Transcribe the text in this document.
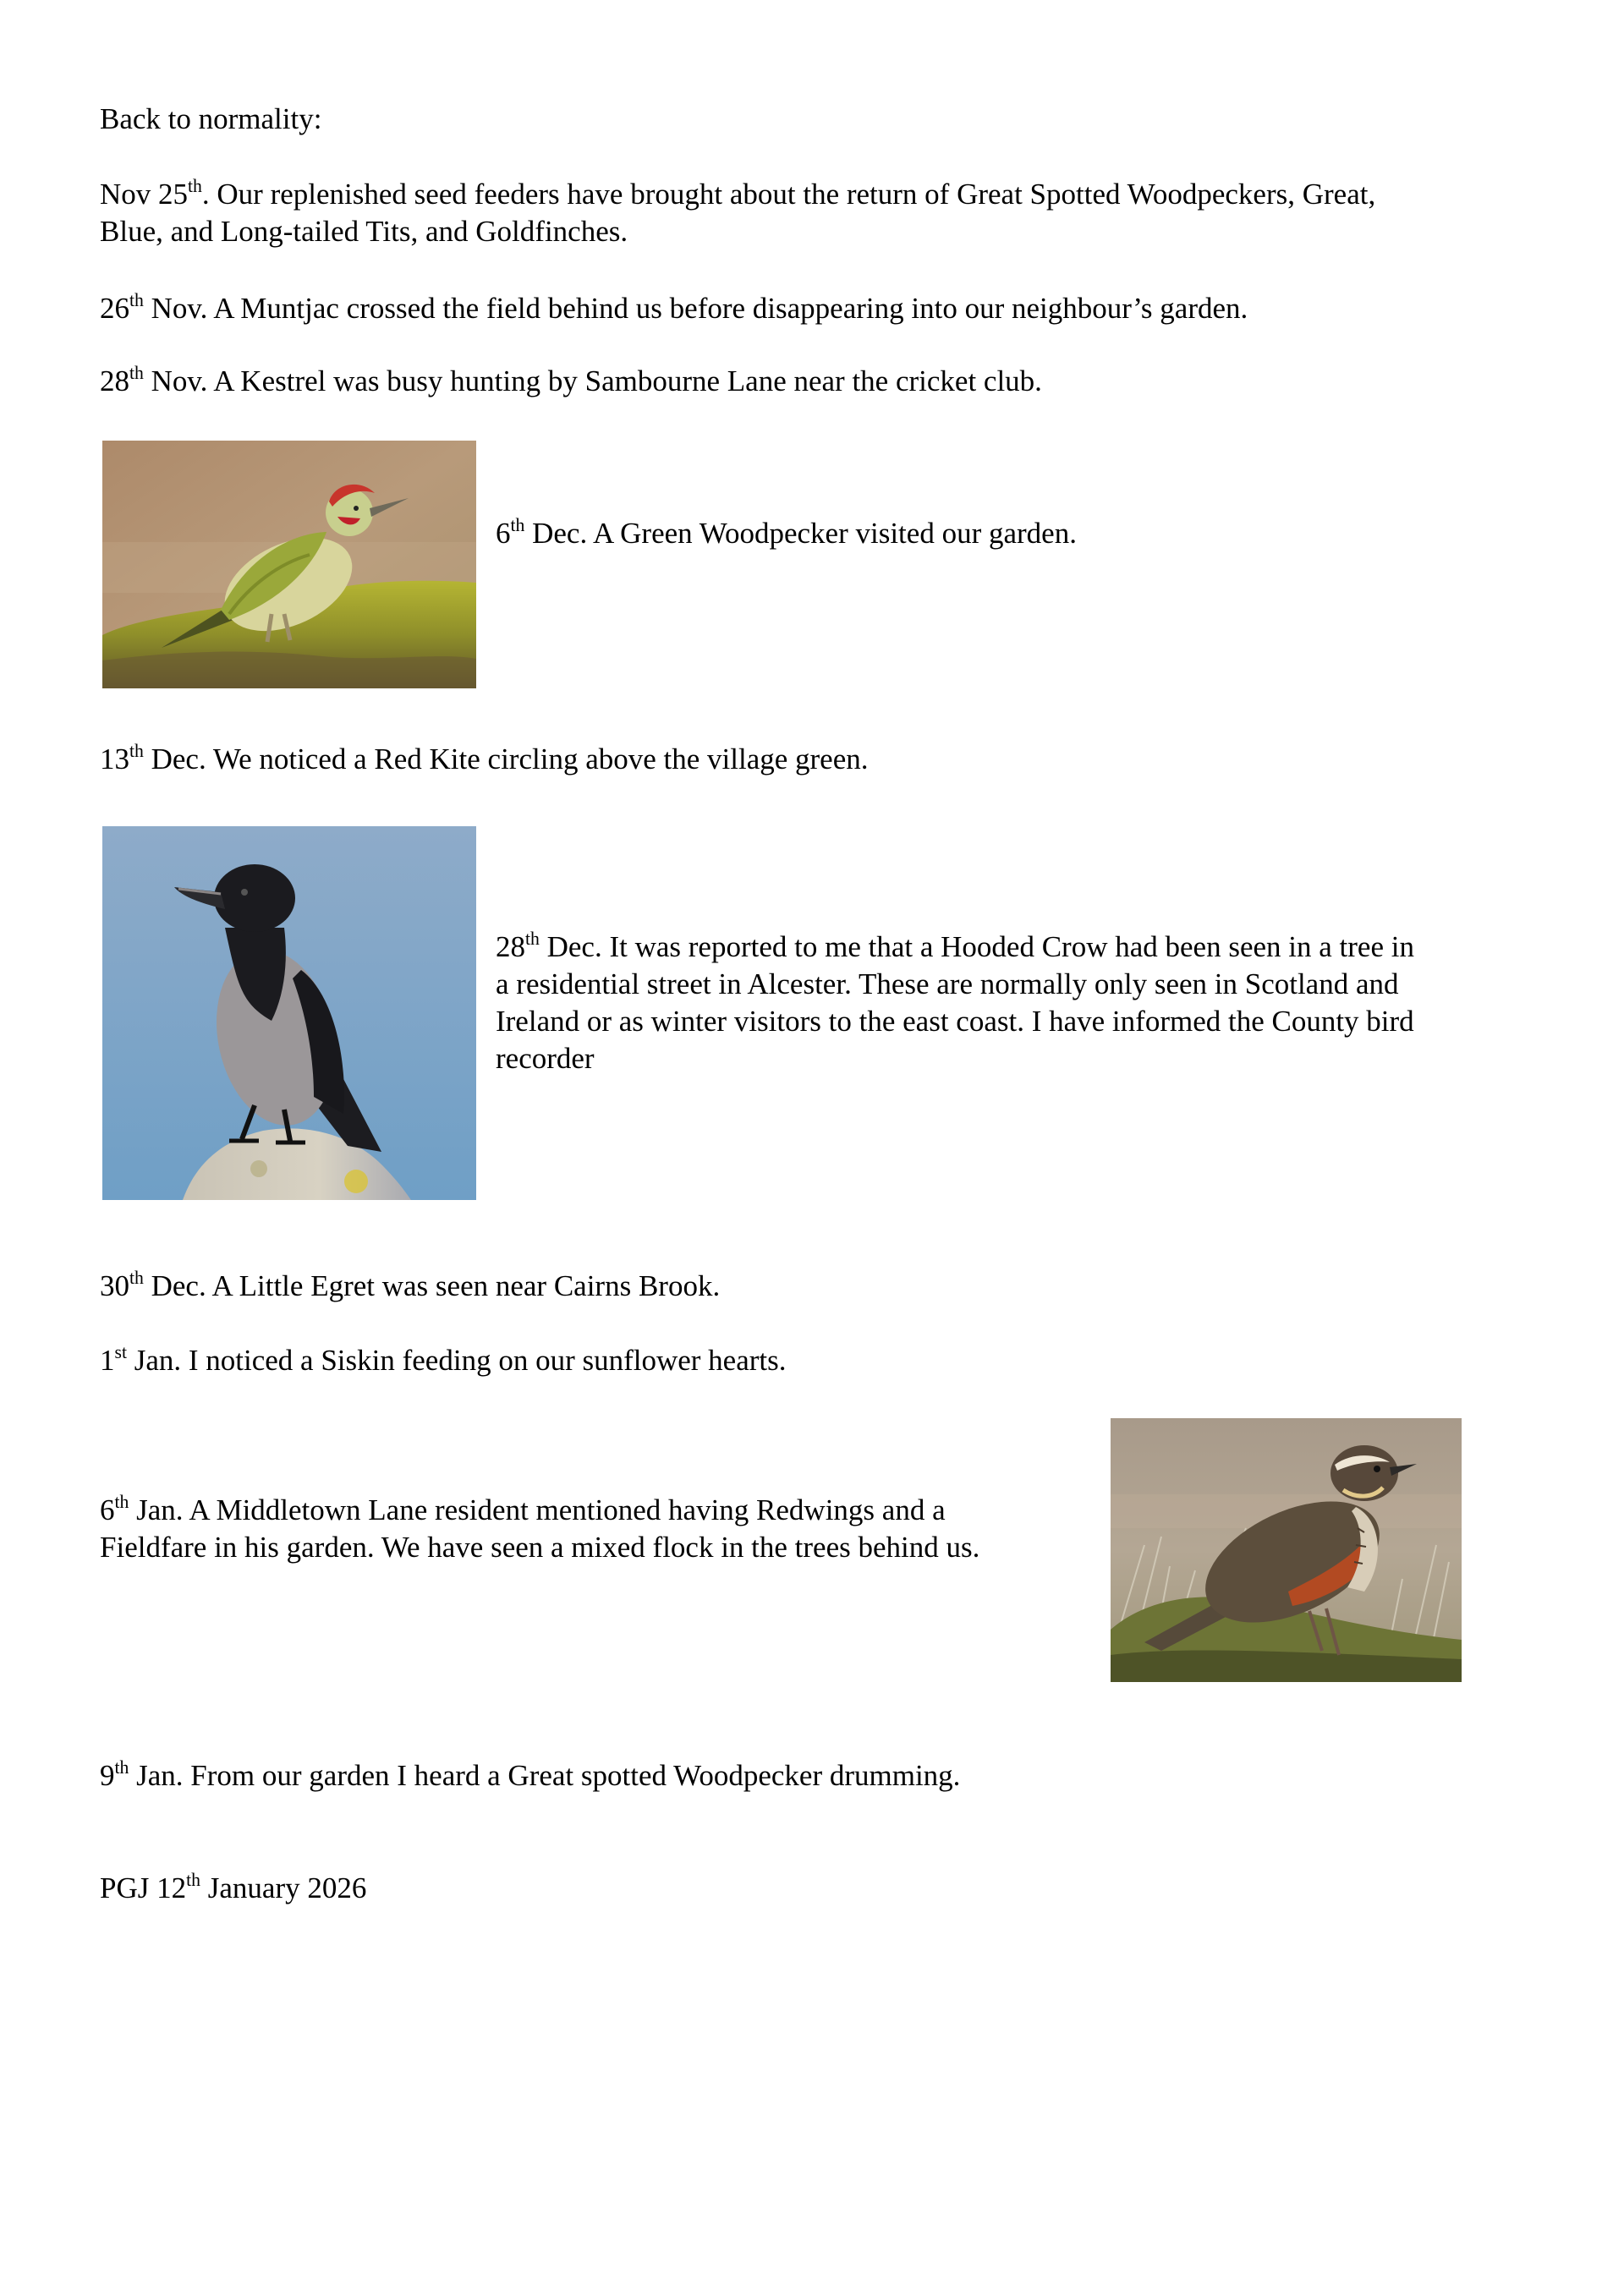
Back to normality:

Nov 25th. Our replenished seed feeders have brought about the return of Great Spotted Woodpeckers, Great,
Blue, and Long-tailed Tits, and Goldfinches.

26th Nov. A Muntjac crossed the field behind us before disappearing into our neighbour’s garden.

28th Nov. A Kestrel was busy hunting by Sambourne Lane near the cricket club.

6th Dec. A Green Woodpecker visited our garden.

13th Dec. We noticed a Red Kite circling above the village green.

28th Dec. It was reported to me that a Hooded Crow had been seen in a tree in
a residential street in Alcester. These are normally only seen in Scotland and
Ireland or as winter visitors to the east coast. I have informed the County bird
recorder

30th Dec. A Little Egret was seen near Cairns Brook.

1st Jan. I noticed a Siskin feeding on our sunflower hearts.

6th Jan. A Middletown Lane resident mentioned having Redwings and a
Fieldfare in his garden. We have seen a mixed flock in the trees behind us.

9th Jan. From our garden I heard a Great spotted Woodpecker drumming.

PGJ 12th January 2026
